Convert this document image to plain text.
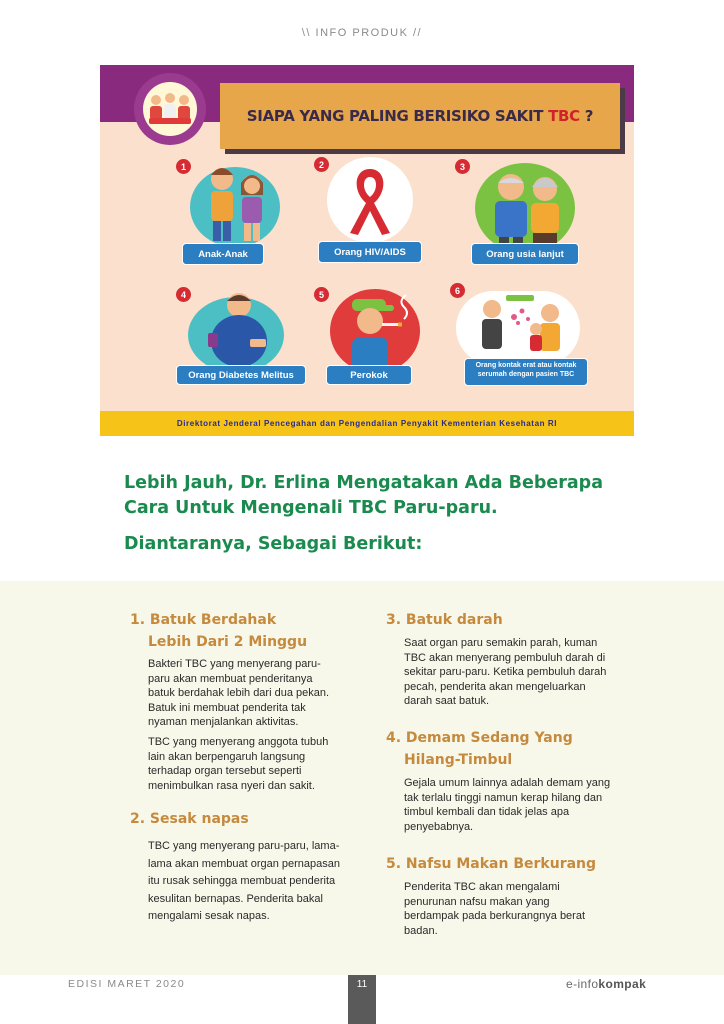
\\ INFO PRODUK //
SIAPA YANG PALING BERISIKO SAKIT TBC ?
1
Anak-Anak
2
Orang HIV/AIDS
3
Orang usia lanjut
4
Orang Diabetes Melitus
5
Perokok
6
Orang kontak erat atau kontak serumah dengan pasien TBC
Direktorat Jenderal Pencegahan dan Pengendalian Penyakit Kementerian Kesehatan RI
Lebih Jauh, Dr. Erlina Mengatakan Ada Beberapa Cara Untuk Mengenali TBC Paru-paru.
Diantaranya, Sebagai Berikut:
1. Batuk Berdahak
Lebih Dari 2 Minggu
Bakteri TBC yang menyerang paru-paru akan membuat penderitanya batuk berdahak lebih dari dua pekan. Batuk ini membuat penderita tak nyaman menjalankan aktivitas.
TBC yang menyerang anggota tubuh lain akan berpengaruh langsung terhadap organ tersebut seperti menimbulkan rasa nyeri dan sakit.
2. Sesak napas
TBC yang menyerang paru-paru, lama-lama akan membuat organ pernapasan itu rusak sehingga membuat penderita kesulitan bernapas. Penderita bakal mengalami sesak napas.
3. Batuk darah
Saat organ paru semakin parah, kuman TBC akan menyerang pembuluh darah di sekitar paru-paru. Ketika pembuluh darah pecah, penderita akan mengeluarkan darah saat batuk.
4. Demam Sedang Yang
Hilang-Timbul
Gejala umum lainnya adalah demam yang tak terlalu tinggi namun kerap hilang dan timbul kembali dan tidak jelas apa penyebabnya.
5. Nafsu Makan Berkurang
Penderita TBC akan mengalami penurunan nafsu makan yang berdampak pada berkurangnya berat badan.
EDISI MARET 2020	11	e-infokompak
